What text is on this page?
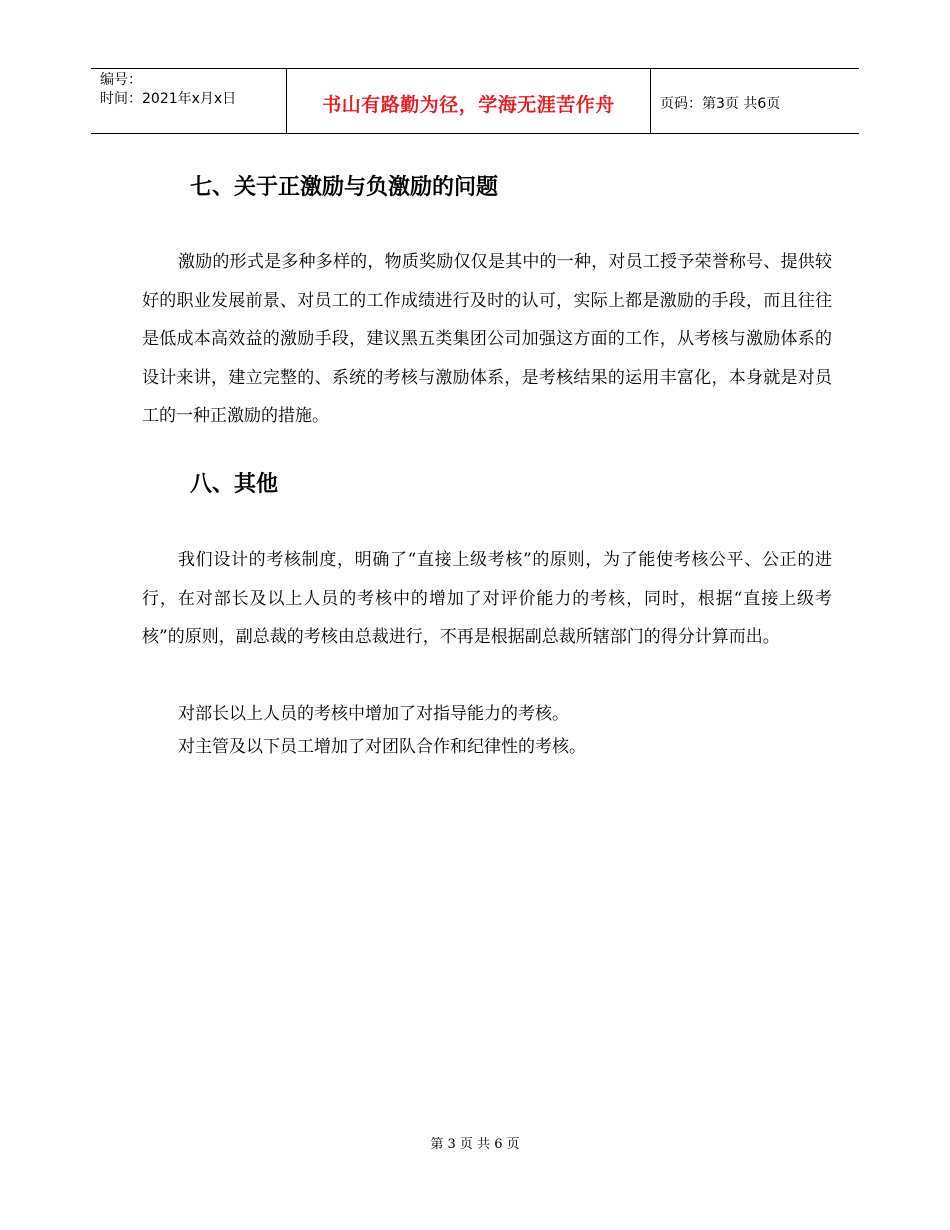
编号：
时间：2021年x月x日	书山有路勤为径，学海无涯苦作舟	页码：第3页 共6页
七、关于正激励与负激励的问题

激励的形式是多种多样的，物质奖励仅仅是其中的一种，对员工授予荣誉称号、提供较好的职业发展前景、对员工的工作成绩进行及时的认可，实际上都是激励的手段，而且往往是低成本高效益的激励手段，建议黑五类集团公司加强这方面的工作，从考核与激励体系的设计来讲，建立完整的、系统的考核与激励体系，是考核结果的运用丰富化，本身就是对员工的一种正激励的措施。

八、其他

我们设计的考核制度，明确了“直接上级考核”的原则，为了能使考核公平、公正的进行，在对部长及以上人员的考核中的增加了对评价能力的考核，同时，根据“直接上级考核”的原则，副总裁的考核由总裁进行，不再是根据副总裁所辖部门的得分计算而出。

对部长以上人员的考核中增加了对指导能力的考核。

对主管及以下员工增加了对团队合作和纪律性的考核。

第 3 页 共 6 页
